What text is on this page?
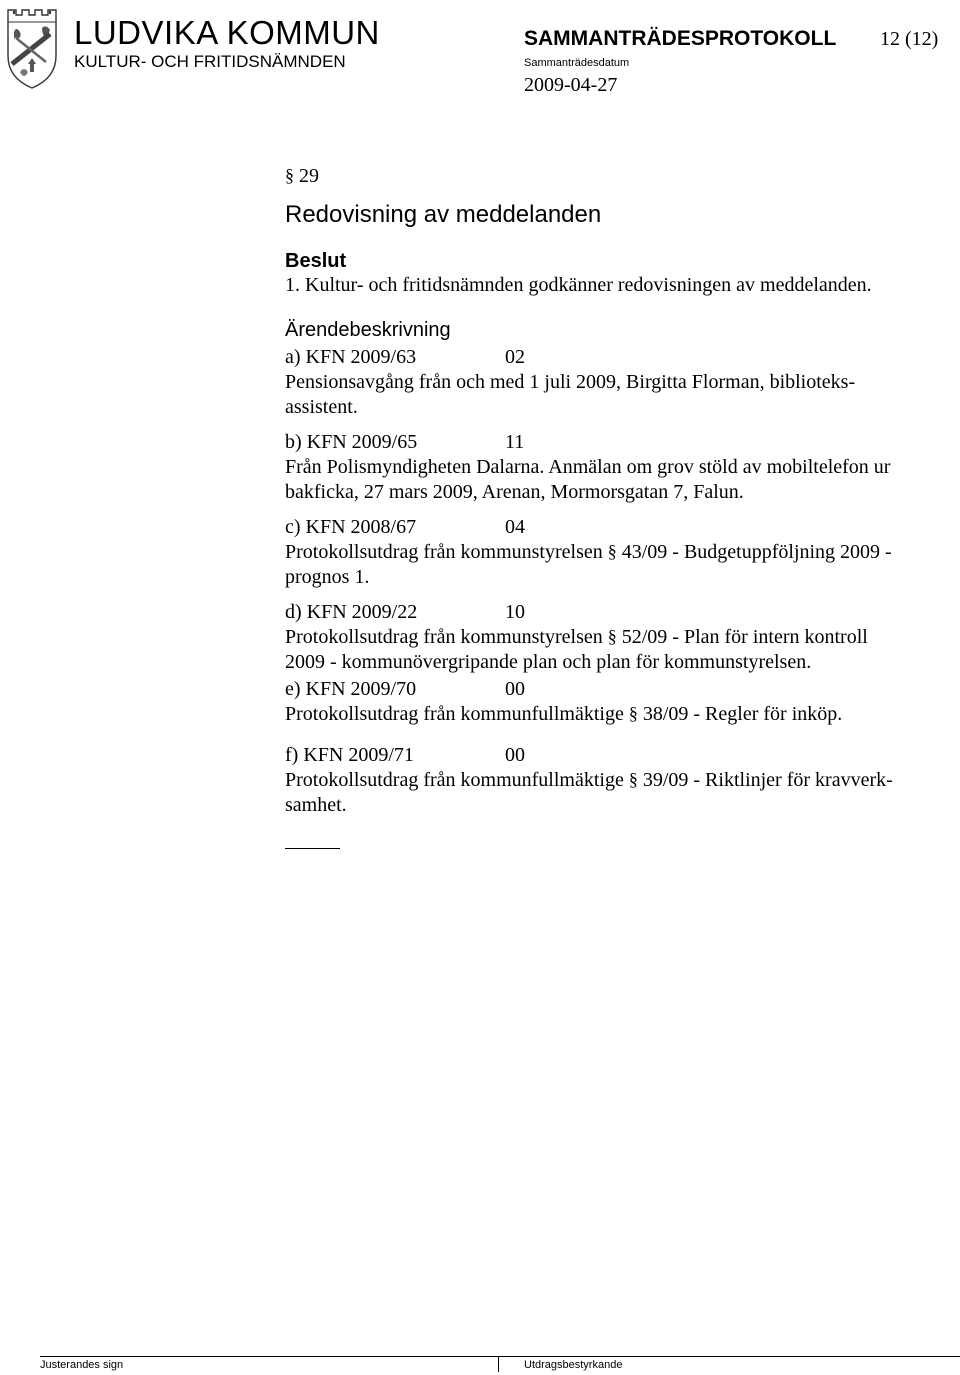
LUDVIKA KOMMUN
KULTUR- OCH FRITIDSNÄMNDEN
SAMMANTRÄDESPROTOKOLL 12 (12)
Sammanträdesdatum
2009-04-27

§ 29

Redovisning av meddelanden
Beslut

1. Kultur- och fritidsnämnden godkänner redovisningen av meddelanden.

Ärendebeskrivning
a) KFN 2009/63	02
Pensionsavgång från och med 1 juli 2009, Birgitta Florman, biblioteks-
assistent.
b) KFN 2009/65	11
Från Polismyndigheten Dalarna. Anmälan om grov stöld av mobiltelefon ur
bakficka, 27 mars 2009, Arenan, Mormorsgatan 7, Falun.
c) KFN 2008/67	04
Protokollsutdrag från kommunstyrelsen § 43/09 - Budgetuppföljning 2009 -
prognos 1.
d) KFN 2009/22	10
Protokollsutdrag från kommunstyrelsen § 52/09 - Plan för intern kontroll
2009 - kommunövergripande plan och plan för kommunstyrelsen.
e) KFN 2009/70	00
Protokollsutdrag från kommunfullmäktige § 38/09 - Regler för inköp.
f) KFN 2009/71	00
Protokollsutdrag från kommunfullmäktige § 39/09 - Riktlinjer för kravverk-
samhet.
Justerandes sign	Utdragsbestyrkande
